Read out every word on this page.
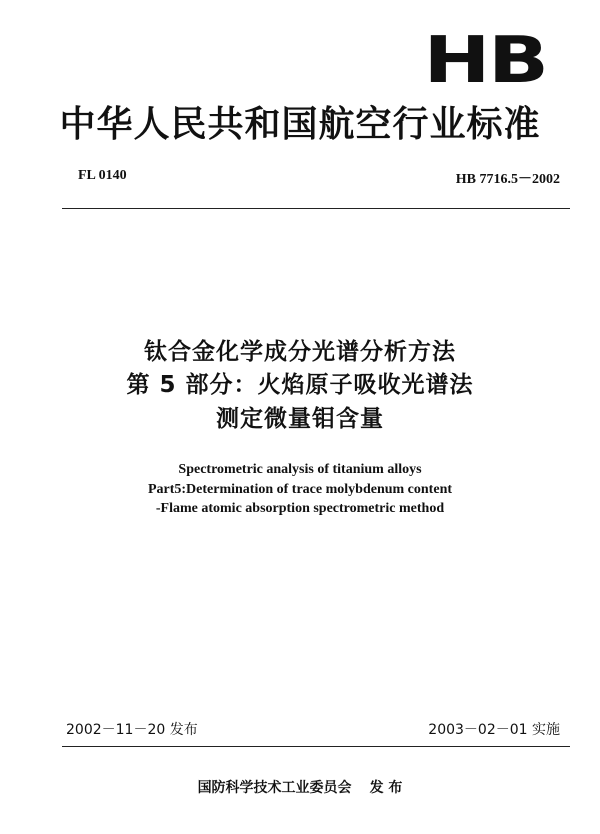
HB
中华人民共和国航空行业标准
FL 0140	HB 7716.5－2002
钛合金化学成分光谱分析方法
第 5 部分：火焰原子吸收光谱法
测定微量钼含量
Spectrometric analysis of titanium alloys
Part5:Determination of trace molybdenum content
-Flame atomic absorption spectrometric method
2002－11－20 发布	2003－02－01 实施
国防科学技术工业委员会 发 布
